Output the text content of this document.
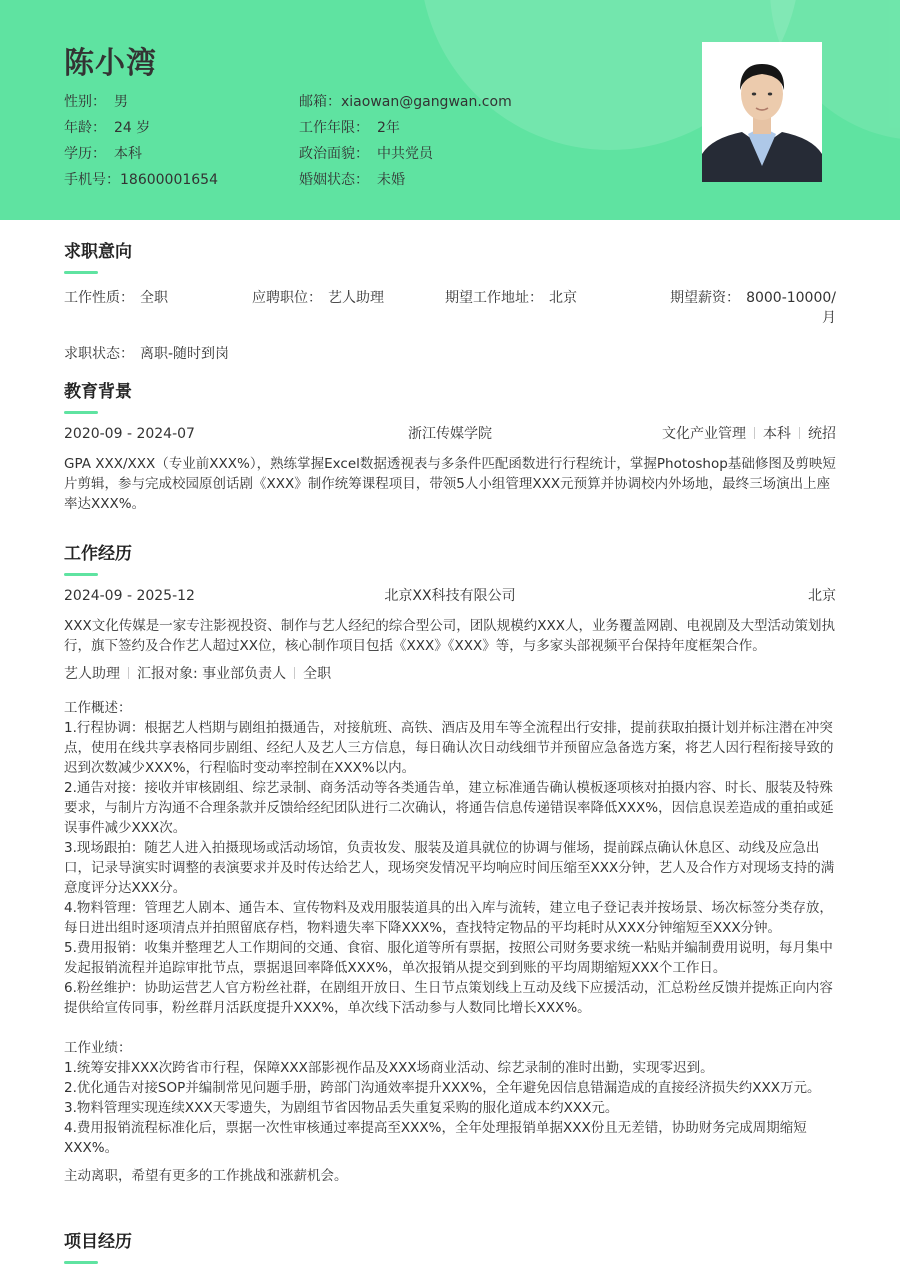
陈小湾
性别： 男	邮箱：xiaowan@gangwan.com
年龄： 24 岁	工作年限： 2年
学历： 本科	政治面貌： 中共党员
手机号：18600001654	婚姻状态： 未婚
求职意向
工作性质： 全职	应聘职位： 艺人助理	期望工作地址： 北京	期望薪资： 8000-10000/月
求职状态： 离职-随时到岗
教育背景
2020-09 - 2024-07	浙江传媒学院	文化产业管理 本科 统招

GPA XXX/XXX（专业前XXX%），熟练掌握Excel数据透视表与多条件匹配函数进行行程统计，掌握Photoshop基础修图及剪映短片剪辑，参与完成校园原创话剧《XXX》制作统筹课程项目，带领5人小组管理XXX元预算并协调校内外场地，最终三场演出上座率达XXX%。

工作经历
2024-09 - 2025-12	北京XX科技有限公司	北京

XXX文化传媒是一家专注影视投资、制作与艺人经纪的综合型公司，团队规模约XXX人，业务覆盖网剧、电视剧及大型活动策划执行，旗下签约及合作艺人超过XX位，核心制作项目包括《XXX》《XXX》等，与多家头部视频平台保持年度框架合作。

艺人助理 汇报对象: 事业部负责人 全职

工作概述：

1.行程协调：根据艺人档期与剧组拍摄通告，对接航班、高铁、酒店及用车等全流程出行安排，提前获取拍摄计划并标注潜在冲突点，使用在线共享表格同步剧组、经纪人及艺人三方信息，每日确认次日动线细节并预留应急备选方案，将艺人因行程衔接导致的迟到次数减少XXX%，行程临时变动率控制在XXX%以内。

2.通告对接：接收并审核剧组、综艺录制、商务活动等各类通告单，建立标准通告确认模板逐项核对拍摄内容、时长、服装及特殊要求，与制片方沟通不合理条款并反馈给经纪团队进行二次确认，将通告信息传递错误率降低XXX%，因信息误差造成的重拍或延误事件减少XXX次。

3.现场跟拍：随艺人进入拍摄现场或活动场馆，负责妆发、服装及道具就位的协调与催场，提前踩点确认休息区、动线及应急出口，记录导演实时调整的表演要求并及时传达给艺人，现场突发情况平均响应时间压缩至XXX分钟，艺人及合作方对现场支持的满意度评分达XXX分。

4.物料管理：管理艺人剧本、通告本、宣传物料及戏用服装道具的出入库与流转，建立电子登记表并按场景、场次标签分类存放，每日进出组时逐项清点并拍照留底存档，物料遗失率下降XXX%，查找特定物品的平均耗时从XXX分钟缩短至XXX分钟。

5.费用报销：收集并整理艺人工作期间的交通、食宿、服化道等所有票据，按照公司财务要求统一粘贴并编制费用说明，每月集中发起报销流程并追踪审批节点，票据退回率降低XXX%，单次报销从提交到到账的平均周期缩短XXX个工作日。

6.粉丝维护：协助运营艺人官方粉丝社群，在剧组开放日、生日节点策划线上互动及线下应援活动，汇总粉丝反馈并提炼正向内容提供给宣传同事，粉丝群月活跃度提升XXX%，单次线下活动参与人数同比增长XXX%。

工作业绩：

1.统筹安排XXX次跨省市行程，保障XXX部影视作品及XXX场商业活动、综艺录制的准时出勤，实现零迟到。

2.优化通告对接SOP并编制常见问题手册，跨部门沟通效率提升XXX%，全年避免因信息错漏造成的直接经济损失约XXX万元。

3.物料管理实现连续XXX天零遗失，为剧组节省因物品丢失重复采购的服化道成本约XXX元。

4.费用报销流程标准化后，票据一次性审核通过率提高至XXX%，全年处理报销单据XXX份且无差错，协助财务完成周期缩短XXX%。

主动离职，希望有更多的工作挑战和涨薪机会。

项目经历
